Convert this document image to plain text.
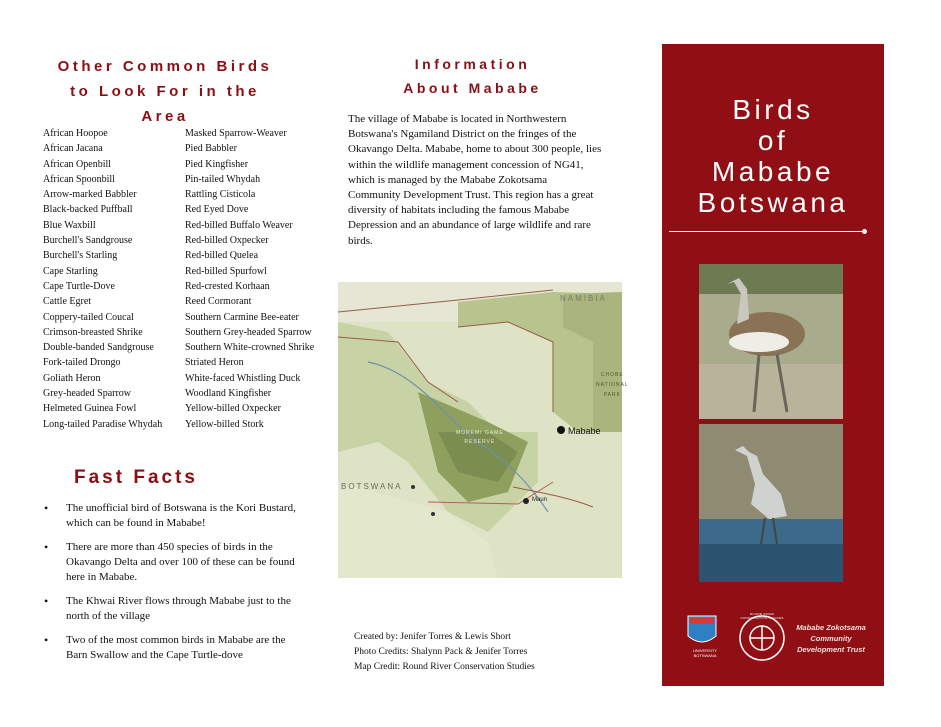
Other Common Birds
to Look For in the
Area
African Hoopoe
African Jacana
African Openbill
African Spoonbill
Arrow-marked Babbler
Black-backed Puffball
Blue Waxbill
Burchell's Sandgrouse
Burchell's Starling
Cape Starling
Cape Turtle-Dove
Cattle Egret
Coppery-tailed Coucal
Crimson-breasted Shrike
Double-banded Sandgrouse
Fork-tailed Drongo
Goliath Heron
Grey-headed Sparrow
Helmeted Guinea Fowl
Long-tailed Paradise Whydah
Masked Sparrow-Weaver
Pied Babbler
Pied Kingfisher
Pin-tailed Whydah
Rattling Cisticola
Red Eyed Dove
Red-billed Buffalo Weaver
Red-billed Oxpecker
Red-billed Quelea
Red-billed Spurfowl
Red-crested Korhaan
Reed Cormorant
Southern Carmine Bee-eater
Southern Grey-headed Sparrow
Southern White-crowned Shrike
Striated Heron
White-faced Whistling Duck
Woodland Kingfisher
Yellow-billed Oxpecker
Yellow-billed Stork
Fast Facts
• The unofficial bird of Botswana is the Kori Bustard, which can be found in Mababe!
• There are more than 450 species of birds in the Okavango Delta and over 100 of these can be found here in Mababe.
• The Khwai River flows through Mababe just to the north of the village
• Two of the most common birds in Mababe are the Barn Swallow and the Cape Turtle-dove
Information
About Mababe
The village of Mababe is located in Northwestern Botswana's Ngamiland District on the fringes of the Okavango Delta. Mababe, home to about 300 people, lies within the wildlife management concession of NG41, which is managed by the Mababe Zokotsama Community Development Trust. This region has a great diversity of habitats including the famous Mababe Depression and an abundance of large wildlife and rare birds.
NAMIBIA
BOTSWANA
CHOBE
NATIONAL
PARK
MOREMI GAME
RESERVE
Mababe
Maun
Created by: Jenifer Torres & Lewis Short
Photo Credits: Shalynn Pack & Jenifer Torres
Map Credit: Round River Conservation Studies
Birds
of
Mababe
Botswana
UNIVERSITY
BOTSWANA
Mababe Zokotsama
Community
Development Trust
ROUND RIVER CONSERVATION STUDIES
